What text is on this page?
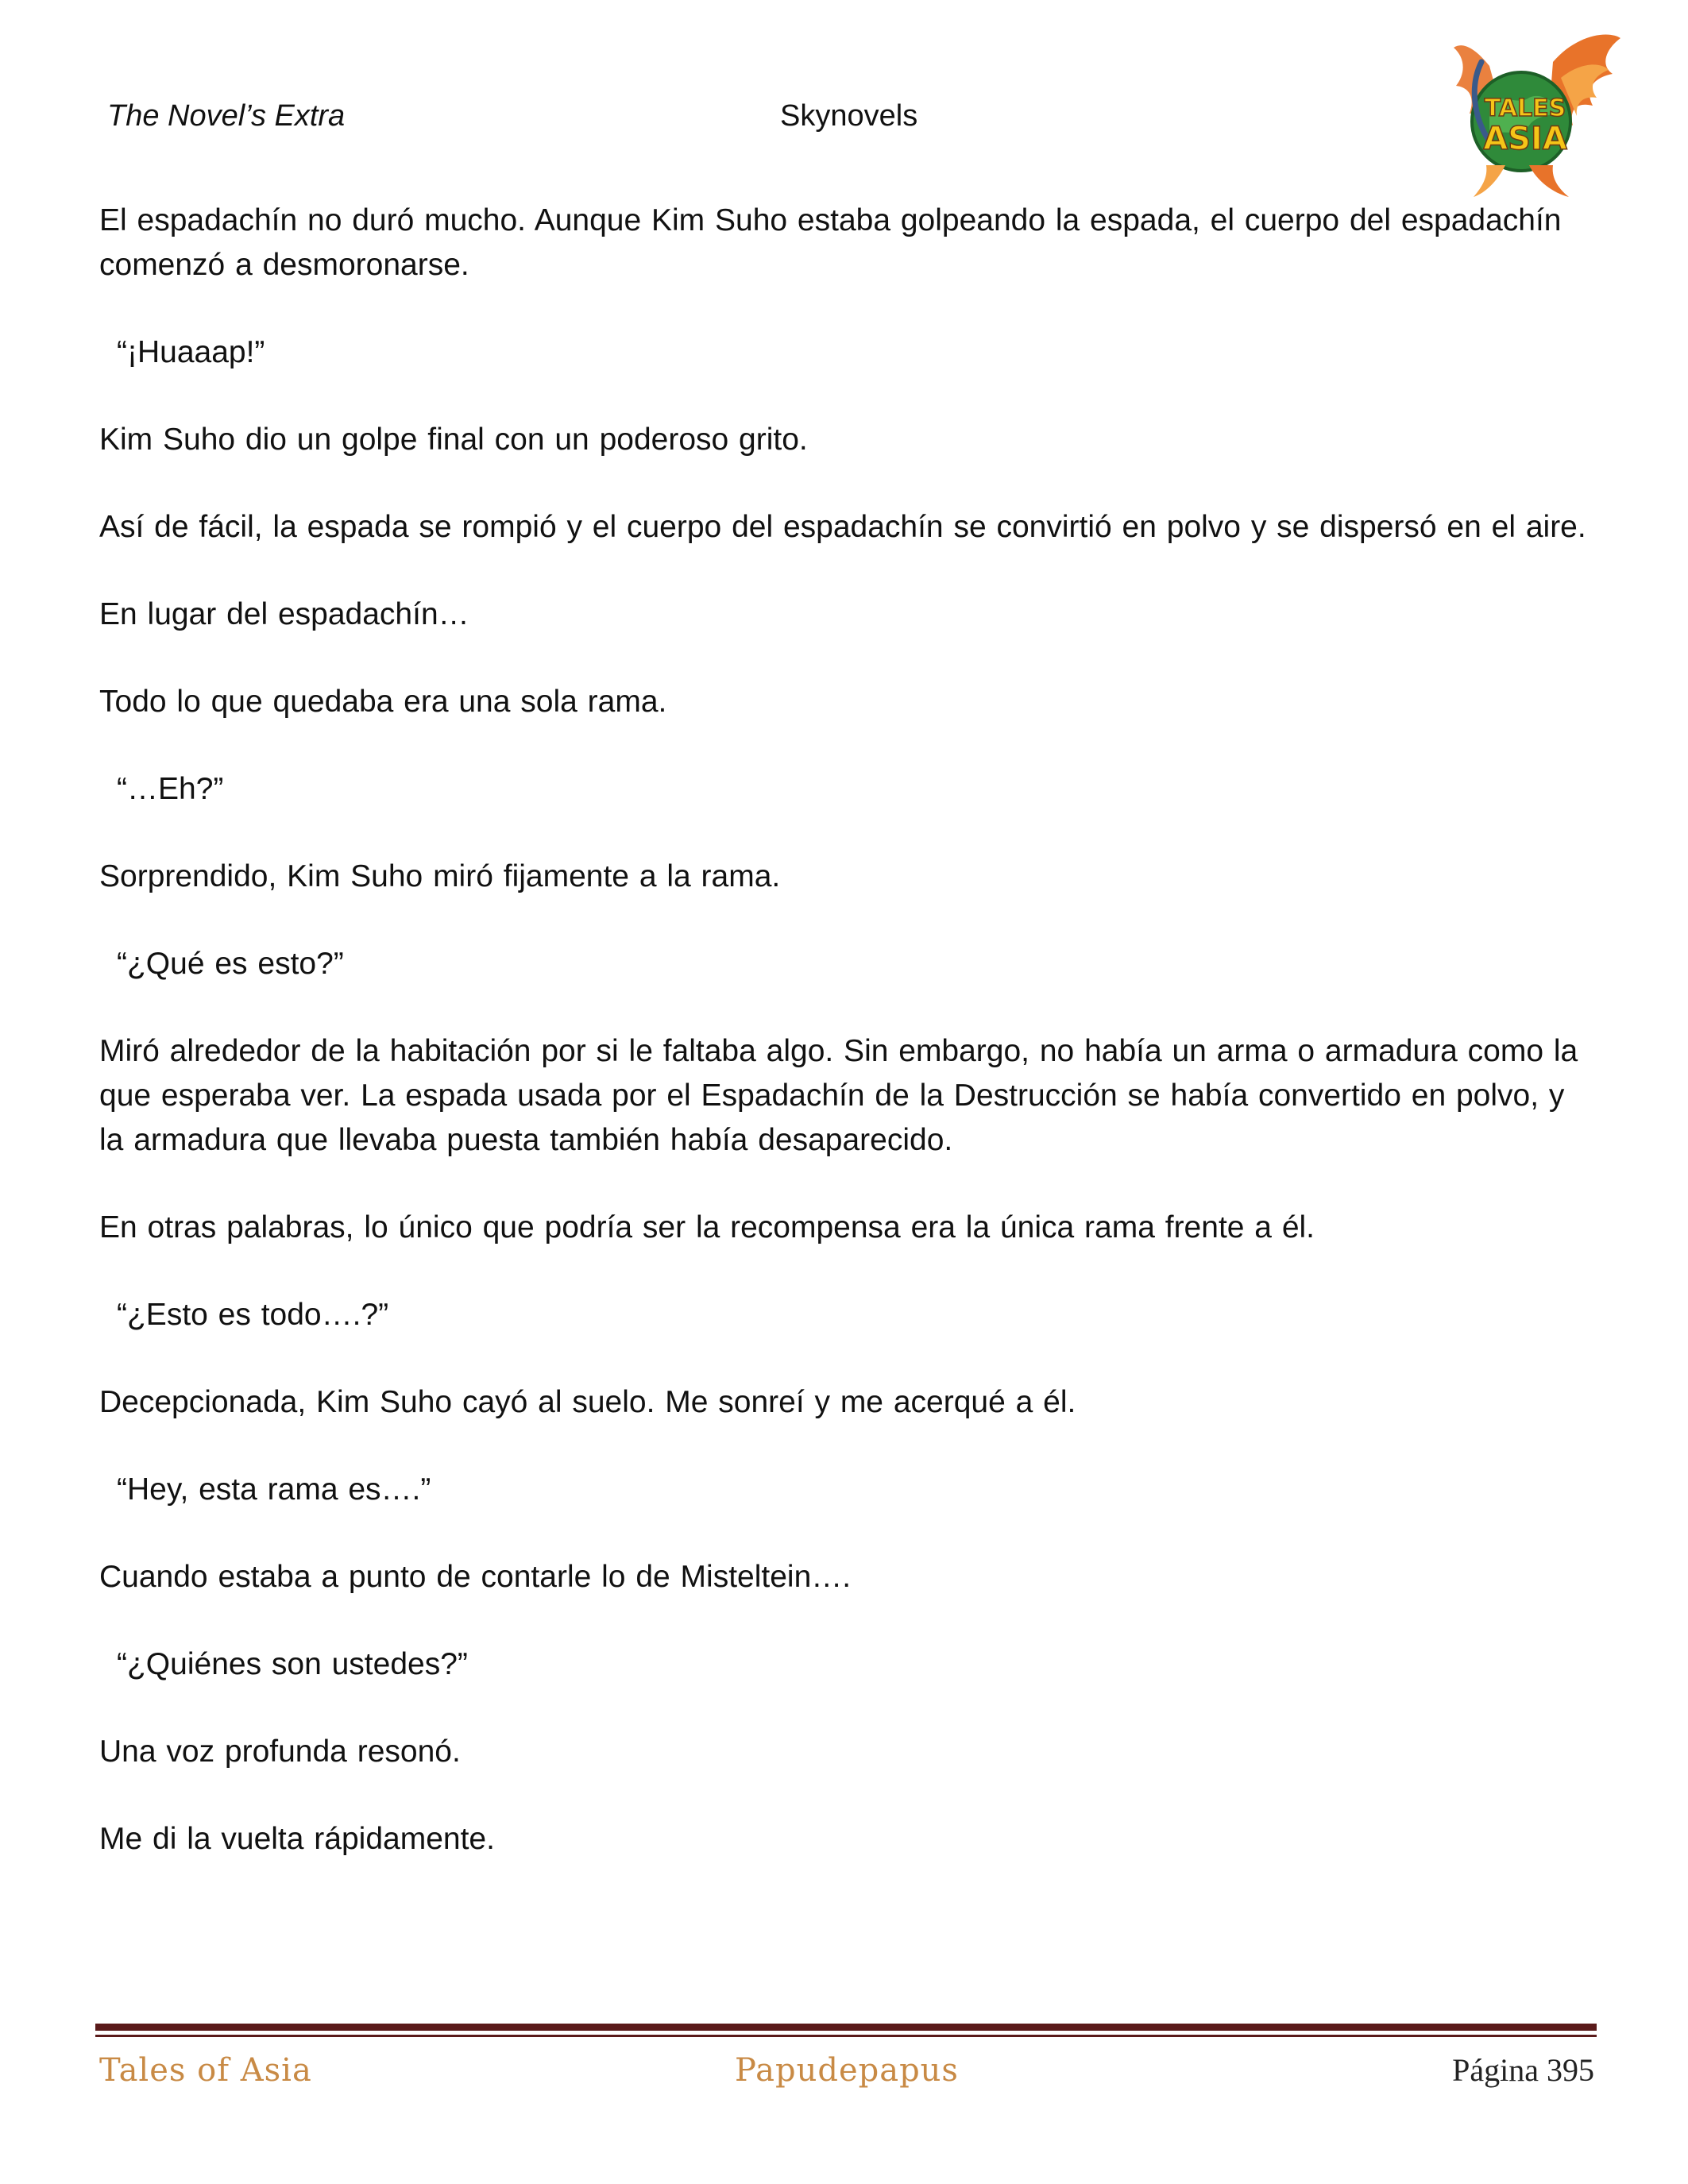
The Novel’s Extra	Skynovels	TALES
ASIA

El espadachín no duró mucho. Aunque Kim Suho estaba golpeando la espada, el cuerpo del espadachín comenzó a desmoronarse.

“¡Huaaap!”

Kim Suho dio un golpe final con un poderoso grito.

Así de fácil, la espada se rompió y el cuerpo del espadachín se convirtió en polvo y se dispersó en el aire.

En lugar del espadachín…

Todo lo que quedaba era una sola rama.

“…Eh?”

Sorprendido, Kim Suho miró fijamente a la rama.

“¿Qué es esto?”

Miró alrededor de la habitación por si le faltaba algo. Sin embargo, no había un arma o armadura como la que esperaba ver. La espada usada por el Espadachín de la Destrucción se había convertido en polvo, y la armadura que llevaba puesta también había desaparecido.

En otras palabras, lo único que podría ser la recompensa era la única rama frente a él.

“¿Esto es todo….?”

Decepcionada, Kim Suho cayó al suelo. Me sonreí y me acerqué a él.

“Hey, esta rama es….”

Cuando estaba a punto de contarle lo de Misteltein….

“¿Quiénes son ustedes?”

Una voz profunda resonó.

Me di la vuelta rápidamente.

Tales of Asia	Papudepapus	Página 395
